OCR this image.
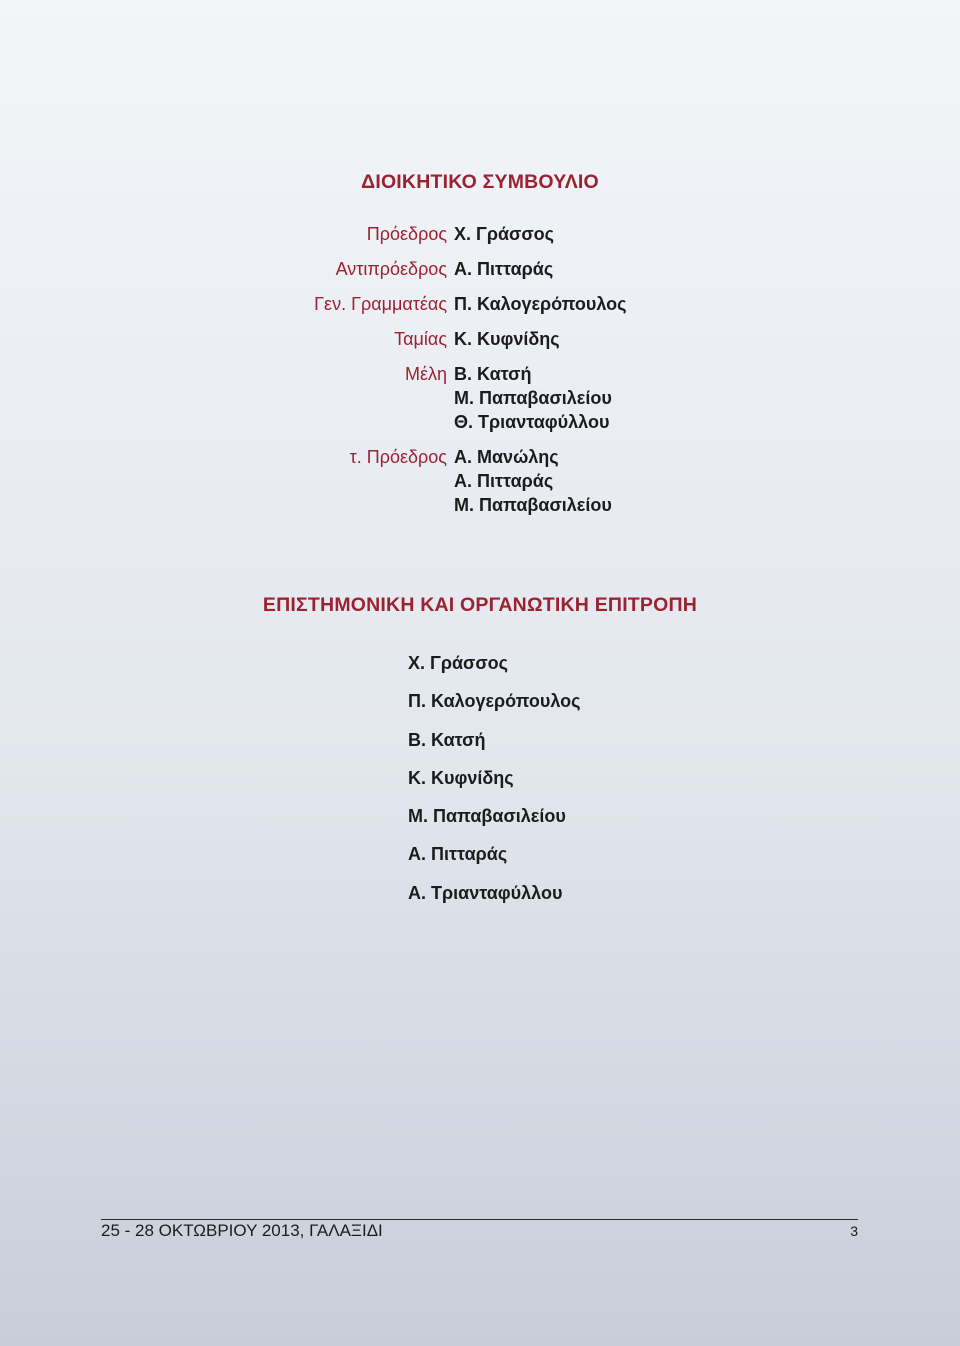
ΔΙΟΙΚΗΤΙΚΟ ΣΥΜΒΟΥΛΙΟ
Πρόεδρος Χ. Γράσσος
Αντιπρόεδρος Α. Πιτταράς
Γεν. Γραμματέας Π. Καλογερόπουλος
Ταμίας Κ. Κυφνίδης
Μέλη Β. Κατσή
Μ. Παπαβασιλείου
Θ. Τριανταφύλλου
τ. Πρόεδρος Α. Μανώλης
Α. Πιτταράς
Μ. Παπαβασιλείου
ΕΠΙΣΤΗΜΟΝΙΚΗ ΚΑΙ ΟΡΓΑΝΩΤΙΚΗ ΕΠΙΤΡΟΠΗ
Χ. Γράσσος
Π. Καλογερόπουλος
Β. Κατσή
Κ. Κυφνίδης
Μ. Παπαβασιλείου
Α. Πιτταράς
Α. Τριανταφύλλου
25 - 28 ΟΚΤΩΒΡΙΟΥ 2013, ΓΑΛΑΞΙΔΙ	3
